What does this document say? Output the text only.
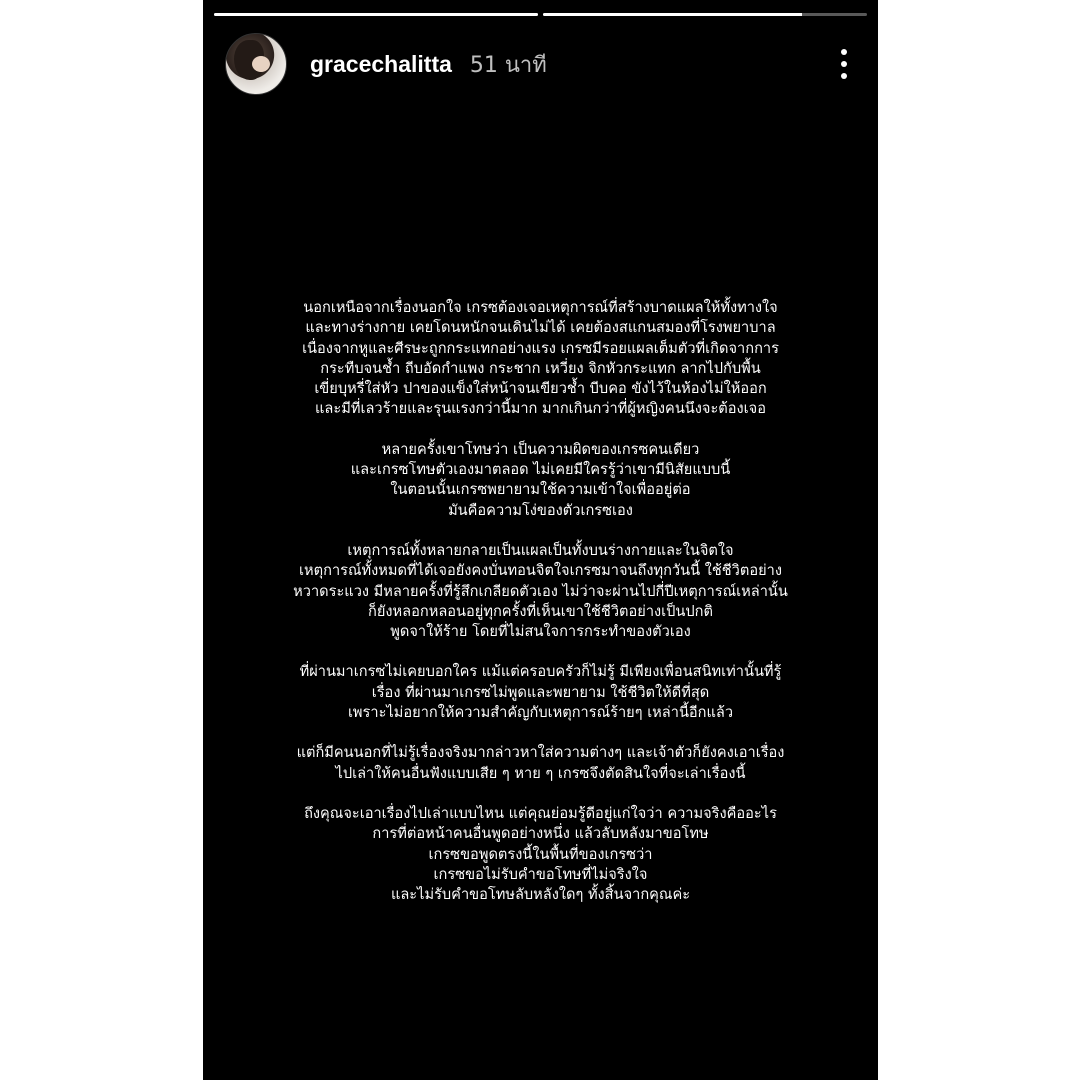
gracechalitta 51 นาที
นอกเหนือจากเรื่องนอกใจ เกรซต้องเจอเหตุการณ์ที่สร้างบาดแผลให้ทั้งทางใจ
และทางร่างกาย เคยโดนหนักจนเดินไม่ได้ เคยต้องสแกนสมองที่โรงพยาบาล
เนื่องจากหูและศีรษะถูกกระแทกอย่างแรง เกรซมีรอยแผลเต็มตัวที่เกิดจากการ
กระทืบจนช้ำ ถีบอัดกำแพง กระชาก เหวี่ยง จิกหัวกระแทก ลากไปกับพื้น
เขี่ยบุหรี่ใส่หัว ปาของแข็งใส่หน้าจนเขียวช้ำ บีบคอ ขังไว้ในห้องไม่ให้ออก
และมีที่เลวร้ายและรุนแรงกว่านี้มาก มากเกินกว่าที่ผู้หญิงคนนึงจะต้องเจอ
หลายครั้งเขาโทษว่า เป็นความผิดของเกรซคนเดียว
และเกรซโทษตัวเองมาตลอด ไม่เคยมีใครรู้ว่าเขามีนิสัยแบบนี้
ในตอนนั้นเกรซพยายามใช้ความเข้าใจเพื่ออยู่ต่อ
มันคือความโง่ของตัวเกรซเอง
เหตุการณ์ทั้งหลายกลายเป็นแผลเป็นทั้งบนร่างกายและในจิตใจ
เหตุการณ์ทั้งหมดที่ได้เจอยังคงบั่นทอนจิตใจเกรซมาจนถึงทุกวันนี้ ใช้ชีวิตอย่าง
หวาดระแวง มีหลายครั้งที่รู้สึกเกลียดตัวเอง ไม่ว่าจะผ่านไปกี่ปีเหตุการณ์เหล่านั้น
ก็ยังหลอกหลอนอยู่ทุกครั้งที่เห็นเขาใช้ชีวิตอย่างเป็นปกติ
พูดจาให้ร้าย โดยที่ไม่สนใจการกระทำของตัวเอง
ที่ผ่านมาเกรซไม่เคยบอกใคร แม้แต่ครอบครัวก็ไม่รู้ มีเพียงเพื่อนสนิทเท่านั้นที่รู้
เรื่อง ที่ผ่านมาเกรซไม่พูดและพยายาม ใช้ชีวิตให้ดีที่สุด
เพราะไม่อยากให้ความสำคัญกับเหตุการณ์ร้ายๆ เหล่านี้อีกแล้ว
แต่ก็มีคนนอกที่ไม่รู้เรื่องจริงมากล่าวหาใส่ความต่างๆ และเจ้าตัวก็ยังคงเอาเรื่อง
ไปเล่าให้คนอื่นฟังแบบเสีย ๆ หาย ๆ เกรซจึงตัดสินใจที่จะเล่าเรื่องนี้
ถึงคุณจะเอาเรื่องไปเล่าแบบไหน แต่คุณย่อมรู้ดีอยู่แก่ใจว่า ความจริงคืออะไร
การที่ต่อหน้าคนอื่นพูดอย่างหนึ่ง แล้วลับหลังมาขอโทษ
เกรซขอพูดตรงนี้ในพื้นที่ของเกรซว่า
เกรซขอไม่รับคำขอโทษที่ไม่จริงใจ
และไม่รับคำขอโทษลับหลังใดๆ ทั้งสิ้นจากคุณค่ะ
